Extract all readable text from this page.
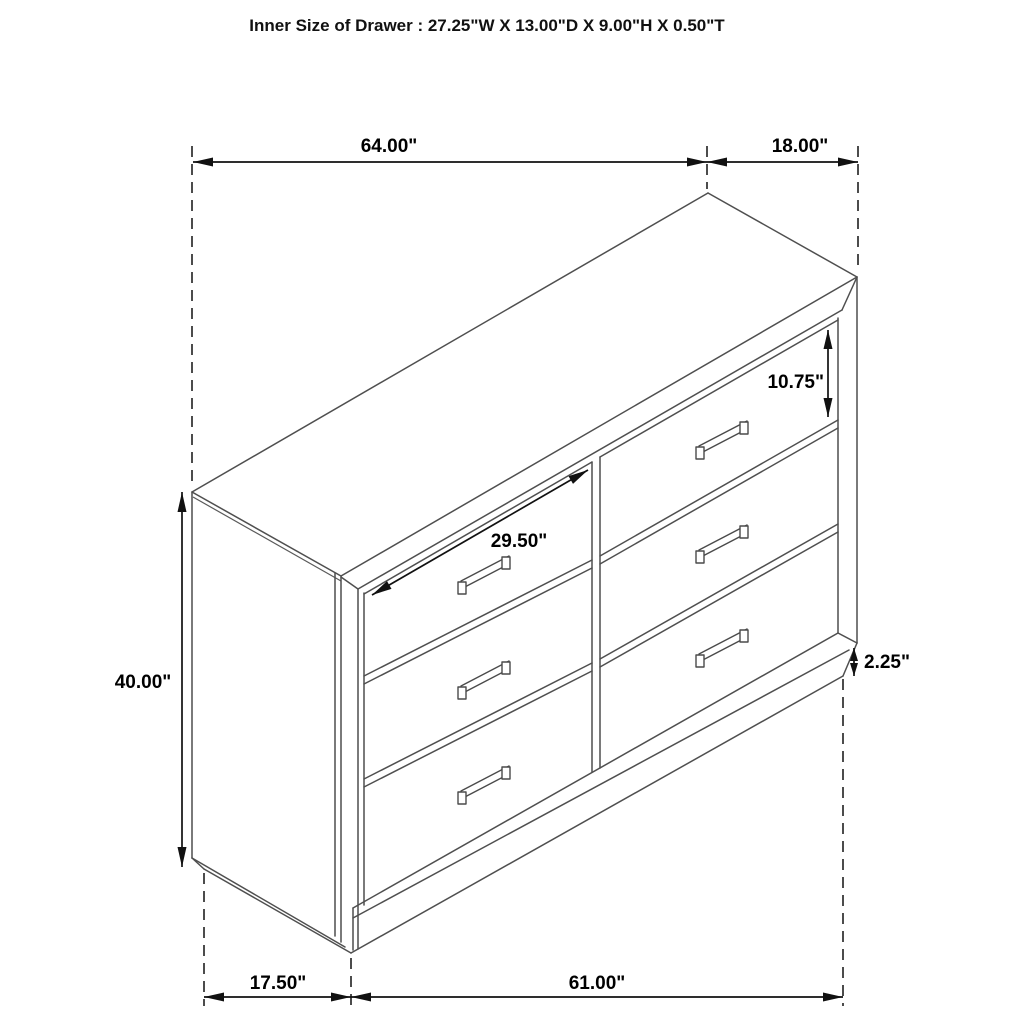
Inner Size of Drawer : 27.25"W X 13.00"D X 9.00"H X 0.50"T
64.00"	18.00"
40.00"
10.75"
29.50"
2.25"
17.50"	61.00"
